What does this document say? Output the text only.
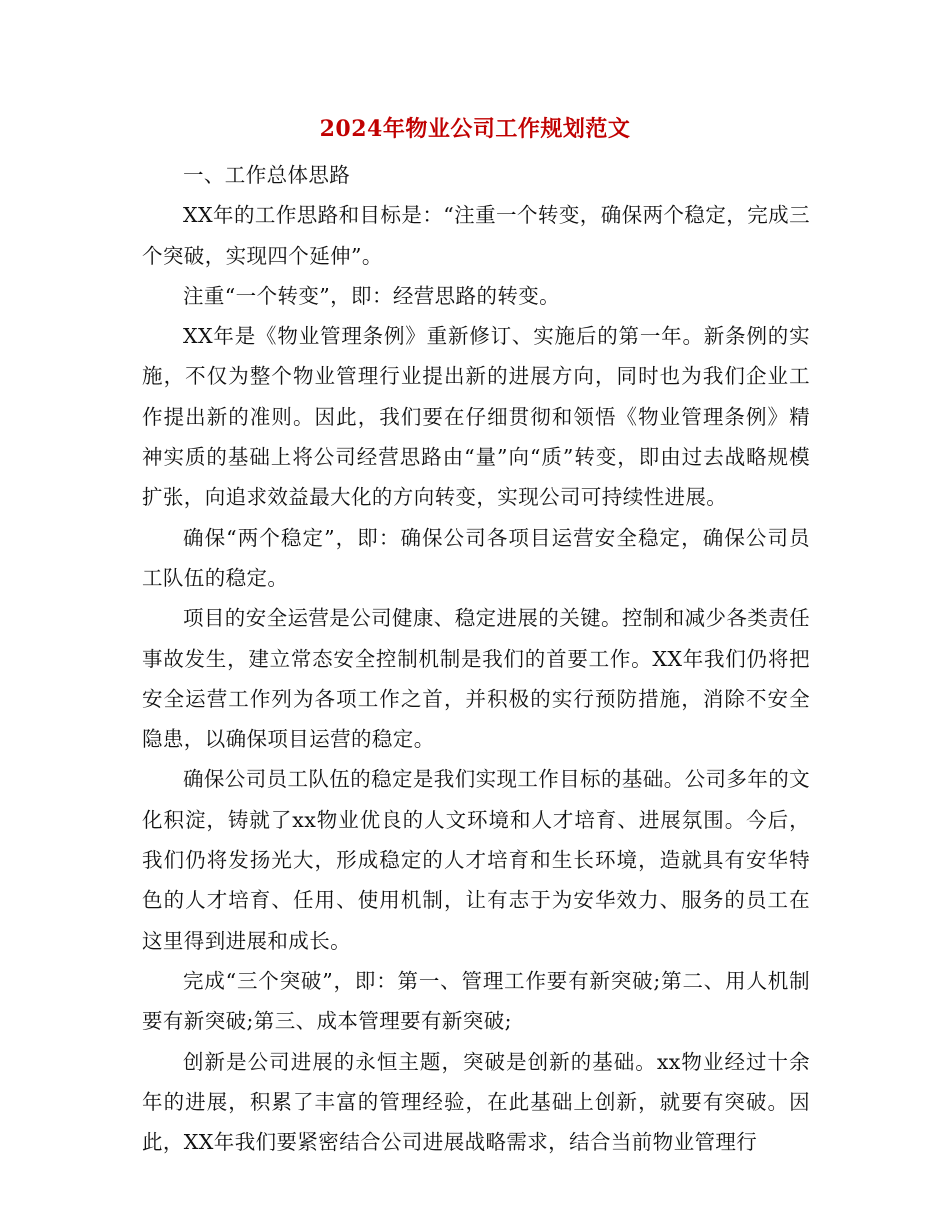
2024年物业公司工作规划范文

一、工作总体思路

XX年的工作思路和目标是：“注重一个转变，确保两个稳定，完成三个突破，实现四个延伸”。

注重“一个转变”，即：经营思路的转变。

XX年是《物业管理条例》重新修订、实施后的第一年。新条例的实施，不仅为整个物业管理行业提出新的进展方向，同时也为我们企业工作提出新的准则。因此，我们要在仔细贯彻和领悟《物业管理条例》精神实质的基础上将公司经营思路由“量”向“质”转变，即由过去战略规模扩张，向追求效益最大化的方向转变，实现公司可持续性进展。

确保“两个稳定”，即：确保公司各项目运营安全稳定，确保公司员工队伍的稳定。

项目的安全运营是公司健康、稳定进展的关键。控制和减少各类责任事故发生，建立常态安全控制机制是我们的首要工作。XX年我们仍将把安全运营工作列为各项工作之首，并积极的实行预防措施，消除不安全隐患，以确保项目运营的稳定。

确保公司员工队伍的稳定是我们实现工作目标的基础。公司多年的文化积淀，铸就了xx物业优良的人文环境和人才培育、进展氛围。今后，我们仍将发扬光大，形成稳定的人才培育和生长环境，造就具有安华特色的人才培育、任用、使用机制，让有志于为安华效力、服务的员工在这里得到进展和成长。

完成“三个突破”，即：第一、管理工作要有新突破;第二、用人机制要有新突破;第三、成本管理要有新突破;

创新是公司进展的永恒主题，突破是创新的基础。xx物业经过十余年的进展，积累了丰富的管理经验，在此基础上创新，就要有突破。因此，XX年我们要紧密结合公司进展战略需求，结合当前物业管理行
